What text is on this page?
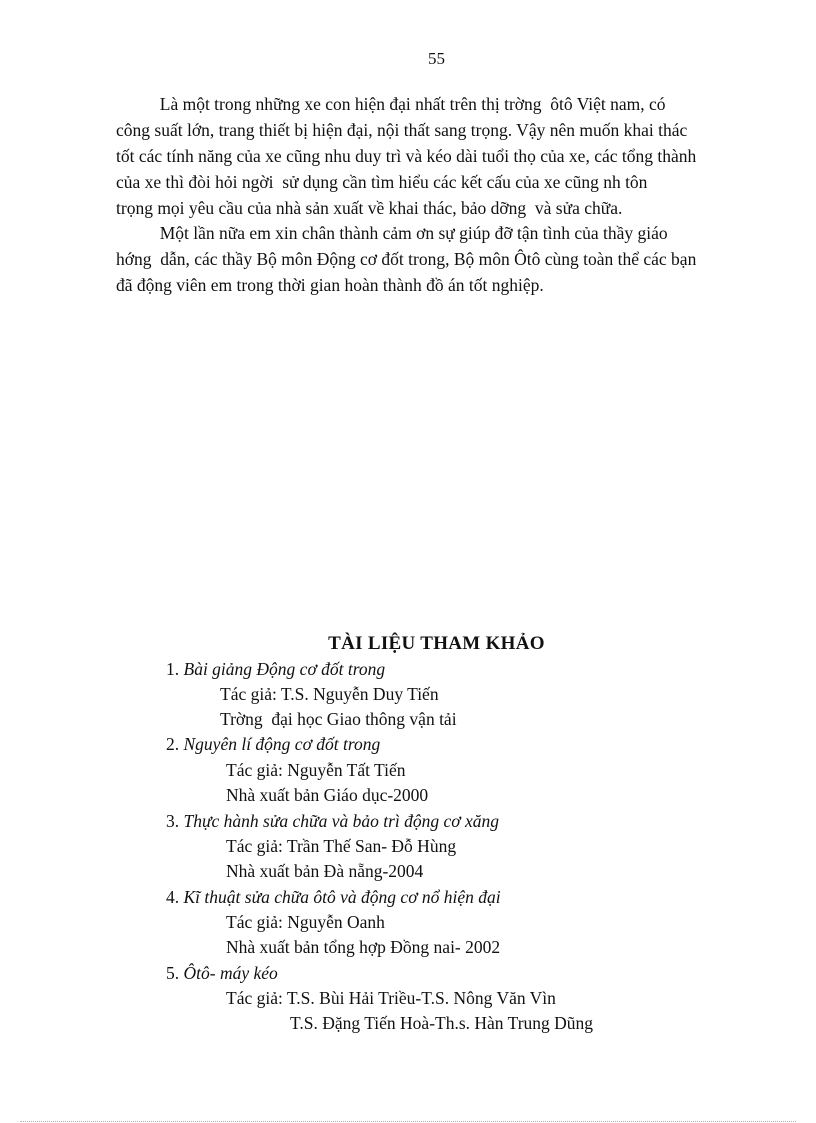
55
Là một trong những xe con hiện đại nhất trên thị trờng  ôtô Việt nam, có
công suất lớn, trang thiết bị hiện đại, nội thất sang trọng. Vậy nên muốn khai thác
tốt các tính năng của xe cũng nhu duy trì và kéo dài tuổi thọ của xe, các tổng thành
của xe thì đòi hỏi ngời  sử dụng cần tìm hiểu các kết cấu của xe cũng nh tôn
trọng mọi yêu cầu của nhà sản xuất về khai thác, bảo dỡng  và sửa chữa.
Một lần nữa em xin chân thành cảm ơn sự giúp đỡ tận tình của thầy giáo
hớng  dẫn, các thầy Bộ môn Động cơ đốt trong, Bộ môn Ôtô cùng toàn thể các bạn
đã động viên em trong thời gian hoàn thành đồ án tốt nghiệp.
TÀI LIỆU THAM KHẢO
1. Bài giảng Động cơ đốt trong
Tác giả: T.S. Nguyễn Duy Tiến
Trờng  đại học Giao thông vận tải
2. Nguyên lí động cơ đốt trong
Tác giả: Nguyễn Tất Tiến
Nhà xuất bản Giáo dục-2000
3. Thực hành sửa chữa và bảo trì động cơ xăng
Tác giả: Trần Thế San- Đỗ Hùng
Nhà xuất bản Đà nẵng-2004
4. Kĩ thuật sửa chữa ôtô và động cơ nổ hiện đại
Tác giả: Nguyễn Oanh
Nhà xuất bản tổng hợp Đồng nai- 2002
5. Ôtô- máy kéo
Tác giả: T.S. Bùi Hải Triều-T.S. Nông Văn Vìn
T.S. Đặng Tiến Hoà-Th.s. Hàn Trung Dũng
